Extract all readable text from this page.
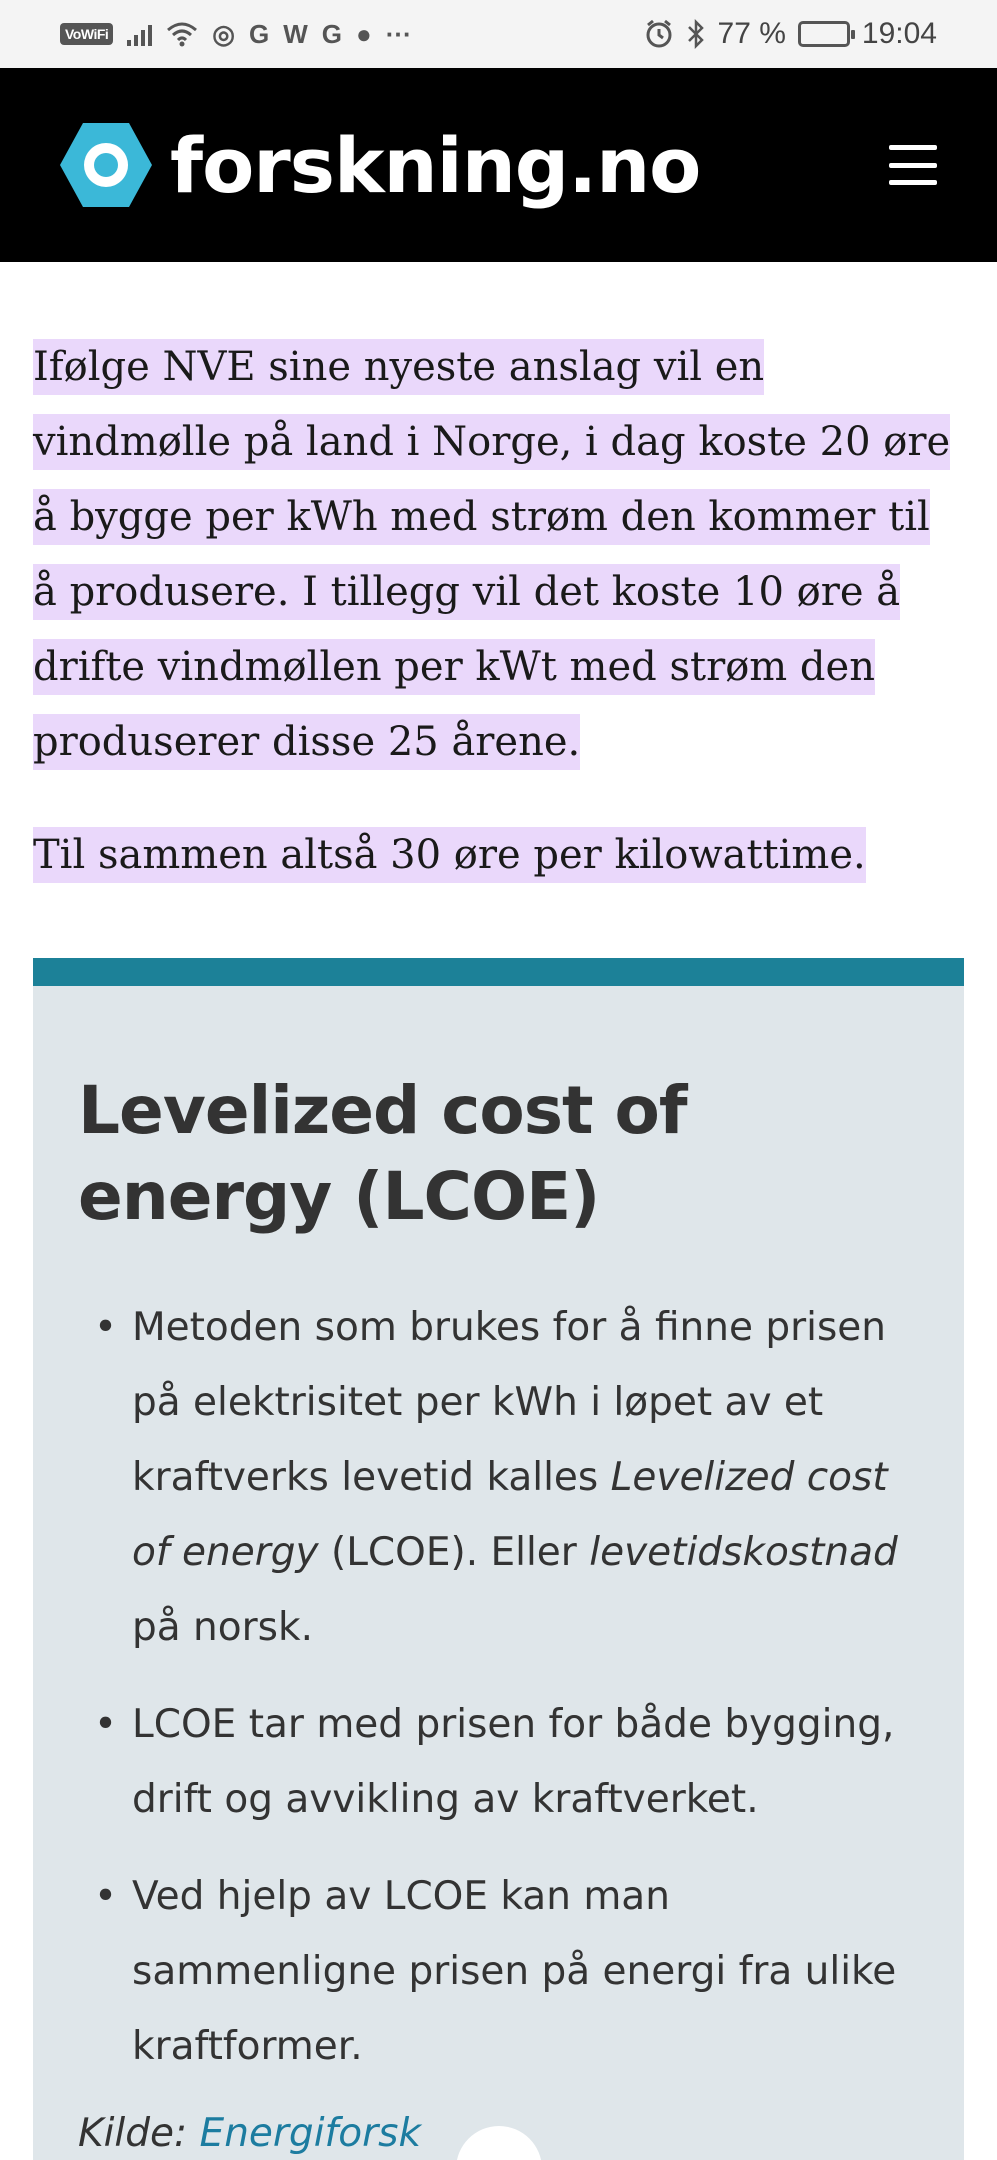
VoWiFi	◎ G W G ● ···	77 %	19:04
forskning.no

Ifølge NVE sine nyeste anslag vil en vindmølle på land i Norge, i dag koste 20 øre å bygge per kWh med strøm den kommer til å produsere. I tillegg vil det koste 10 øre å drifte vindmøllen per kWt med strøm den produserer disse 25 årene.

Til sammen altså 30 øre per kilowattime.

Levelized cost of energy (LCOE)
• Metoden som brukes for å finne prisen på elektrisitet per kWh i løpet av et kraftverks levetid kalles Levelized cost of energy (LCOE). Eller levetidskostnad på norsk.
• LCOE tar med prisen for både bygging, drift og avvikling av kraftverket.
• Ved hjelp av LCOE kan man sammenligne prisen på energi fra ulike kraftformer.

Kilde: Energiforsk
